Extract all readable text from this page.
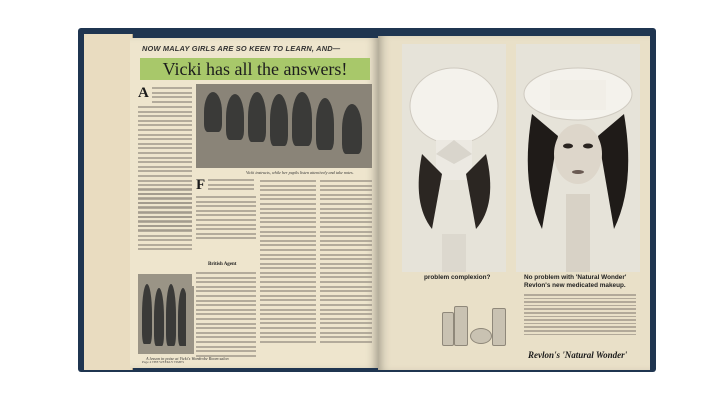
NOW MALAY GIRLS ARE SO KEEN TO LEARN, AND—
Vicki has all the answers!
A
Vicki instructs, while her pupils listen attentively and take notes.
F
British Agent
A lesson in poise at Vicki's Wardrobe Room salon
Page 4 THE WEEKLY TIMES
problem complexion?	No problem with 'Natural Wonder'
Revlon's new medicated makeup.
Revlon's 'Natural Wonder'
